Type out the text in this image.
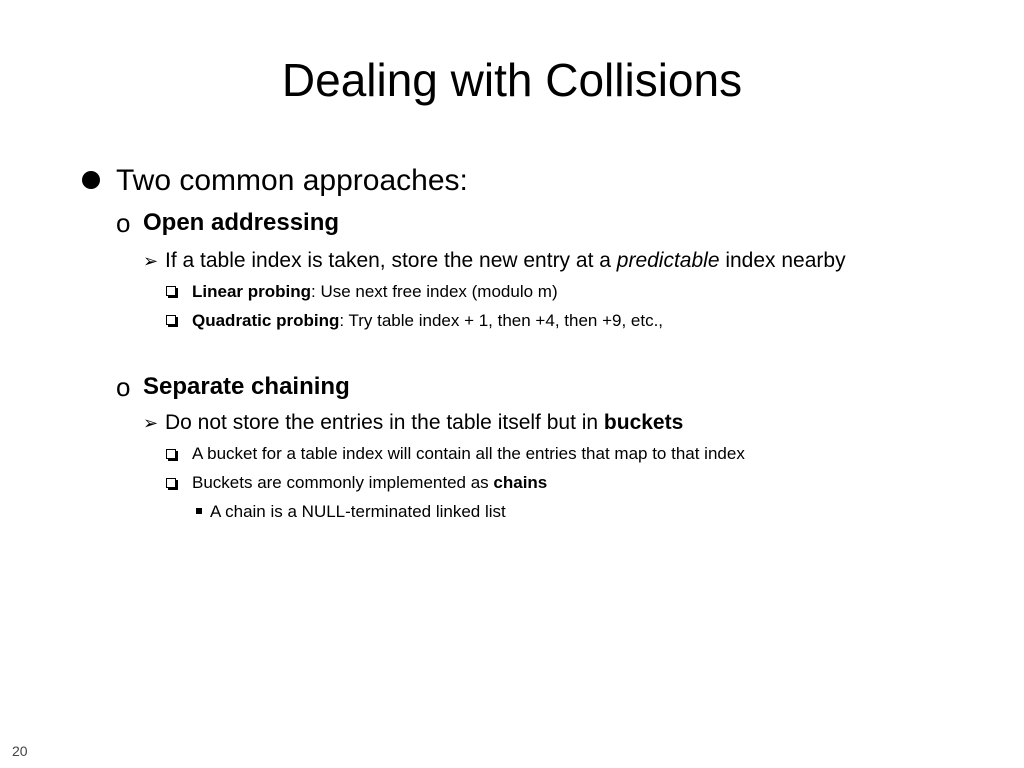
Dealing with Collisions
Two common approaches:
o Open addressing
➢ If a table index is taken, store the new entry at a predictable index nearby
Linear probing: Use next free index (modulo m)
Quadratic probing: Try table index + 1, then +4, then +9, etc.,
o Separate chaining
➢ Do not store the entries in the table itself but in buckets
A bucket for a table index will contain all the entries that map to that index
Buckets are commonly implemented as chains
A chain is a NULL-terminated linked list
20
